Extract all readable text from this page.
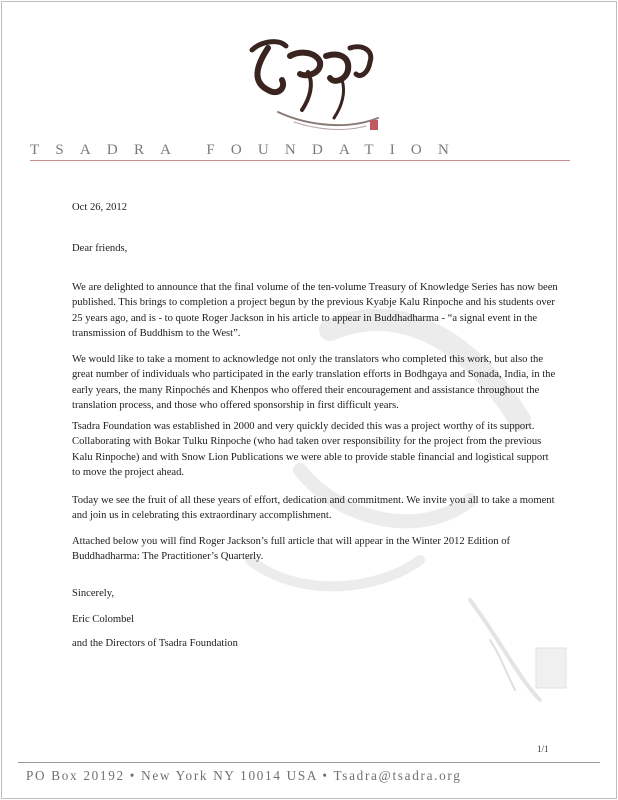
TSADRA FOUNDATION
Oct 26, 2012
Dear friends,

We are delighted to announce that the final volume of the ten-volume Treasury of Knowledge Series has now been published. This brings to completion a project begun by the previous Kyabje Kalu Rinpoche and his students over 25 years ago, and is - to quote Roger Jackson in his article to appear in Buddhadharma - “a signal event in the transmission of Buddhism to the West”.

We would like to take a moment to acknowledge not only the translators who completed this work, but also the great number of individuals who participated in the early translation efforts in Bodhgaya and Sonada, India, in the early years, the many Rinpochés and Khenpos who offered their encouragement and assistance throughout the translation process, and those who offered sponsorship in first difficult years.

Tsadra Foundation was established in 2000 and very quickly decided this was a project worthy of its support. Collaborating with Bokar Tulku Rinpoche (who had taken over responsibility for the project from the previous Kalu Rinpoche) and with Snow Lion Publications we were able to provide stable financial and logistical support to move the project ahead.

Today we see the fruit of all these years of effort, dedication and commitment. We invite you all to take a moment and join us in celebrating this extraordinary accomplishment.

Attached below you will find Roger Jackson’s full article that will appear in the Winter 2012 Edition of Buddhadharma: The Practitioner’s Quarterly.

Sincerely,
Eric Colombel
and the Directors of Tsadra Foundation
1/1
PO Box 20192 • New York NY 10014 USA • Tsadra@tsadra.org
